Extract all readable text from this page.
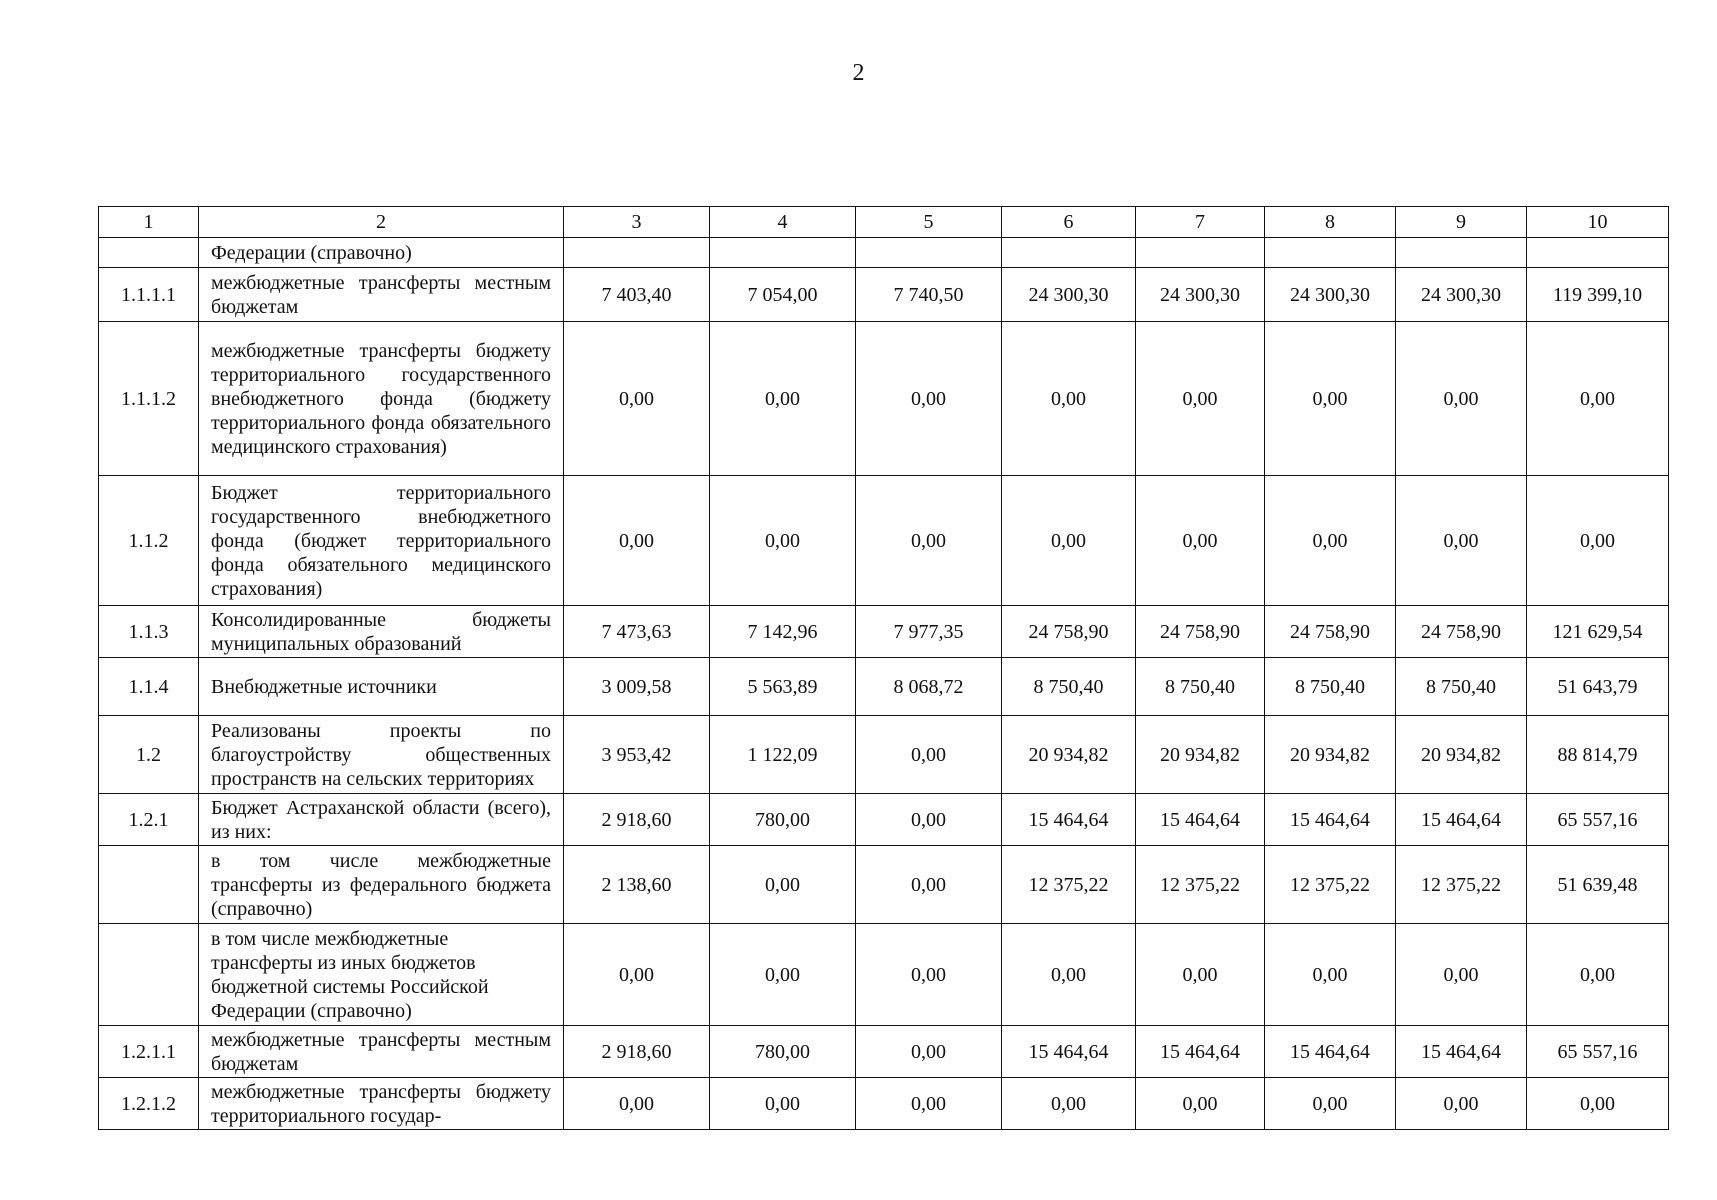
2
1	2	3	4	5	6	7	8	9	10
	Федерации (справочно)								
1.1.1.1	межбюджетные трансферты местным бюджетам	7 403,40	7 054,00	7 740,50	24 300,30	24 300,30	24 300,30	24 300,30	119 399,10
1.1.1.2	межбюджетные трансферты бюджету территориального государственного внебюджетного фонда (бюджету территориального фонда обязательного медицинского страхования)	0,00	0,00	0,00	0,00	0,00	0,00	0,00	0,00
1.1.2	Бюджет территориального государственного внебюджетного фонда (бюджет территориального фонда обязательного медицинского страхования)	0,00	0,00	0,00	0,00	0,00	0,00	0,00	0,00
1.1.3	Консолидированные бюджеты муниципальных образований	7 473,63	7 142,96	7 977,35	24 758,90	24 758,90	24 758,90	24 758,90	121 629,54
1.1.4	Внебюджетные источники	3 009,58	5 563,89	8 068,72	8 750,40	8 750,40	8 750,40	8 750,40	51 643,79
1.2	Реализованы проекты по благоустройству общественных пространств на сельских территориях	3 953,42	1 122,09	0,00	20 934,82	20 934,82	20 934,82	20 934,82	88 814,79
1.2.1	Бюджет Астраханской области (всего), из них:	2 918,60	780,00	0,00	15 464,64	15 464,64	15 464,64	15 464,64	65 557,16
	в том числе межбюджетные трансферты из федерального бюджета (справочно)	2 138,60	0,00	0,00	12 375,22	12 375,22	12 375,22	12 375,22	51 639,48
	в том числе межбюджетные трансферты из иных бюджетов бюджетной системы Российской Федерации (справочно)	0,00	0,00	0,00	0,00	0,00	0,00	0,00	0,00
1.2.1.1	межбюджетные трансферты местным бюджетам	2 918,60	780,00	0,00	15 464,64	15 464,64	15 464,64	15 464,64	65 557,16
1.2.1.2	межбюджетные трансферты бюджету территориального государ-	0,00	0,00	0,00	0,00	0,00	0,00	0,00	0,00
